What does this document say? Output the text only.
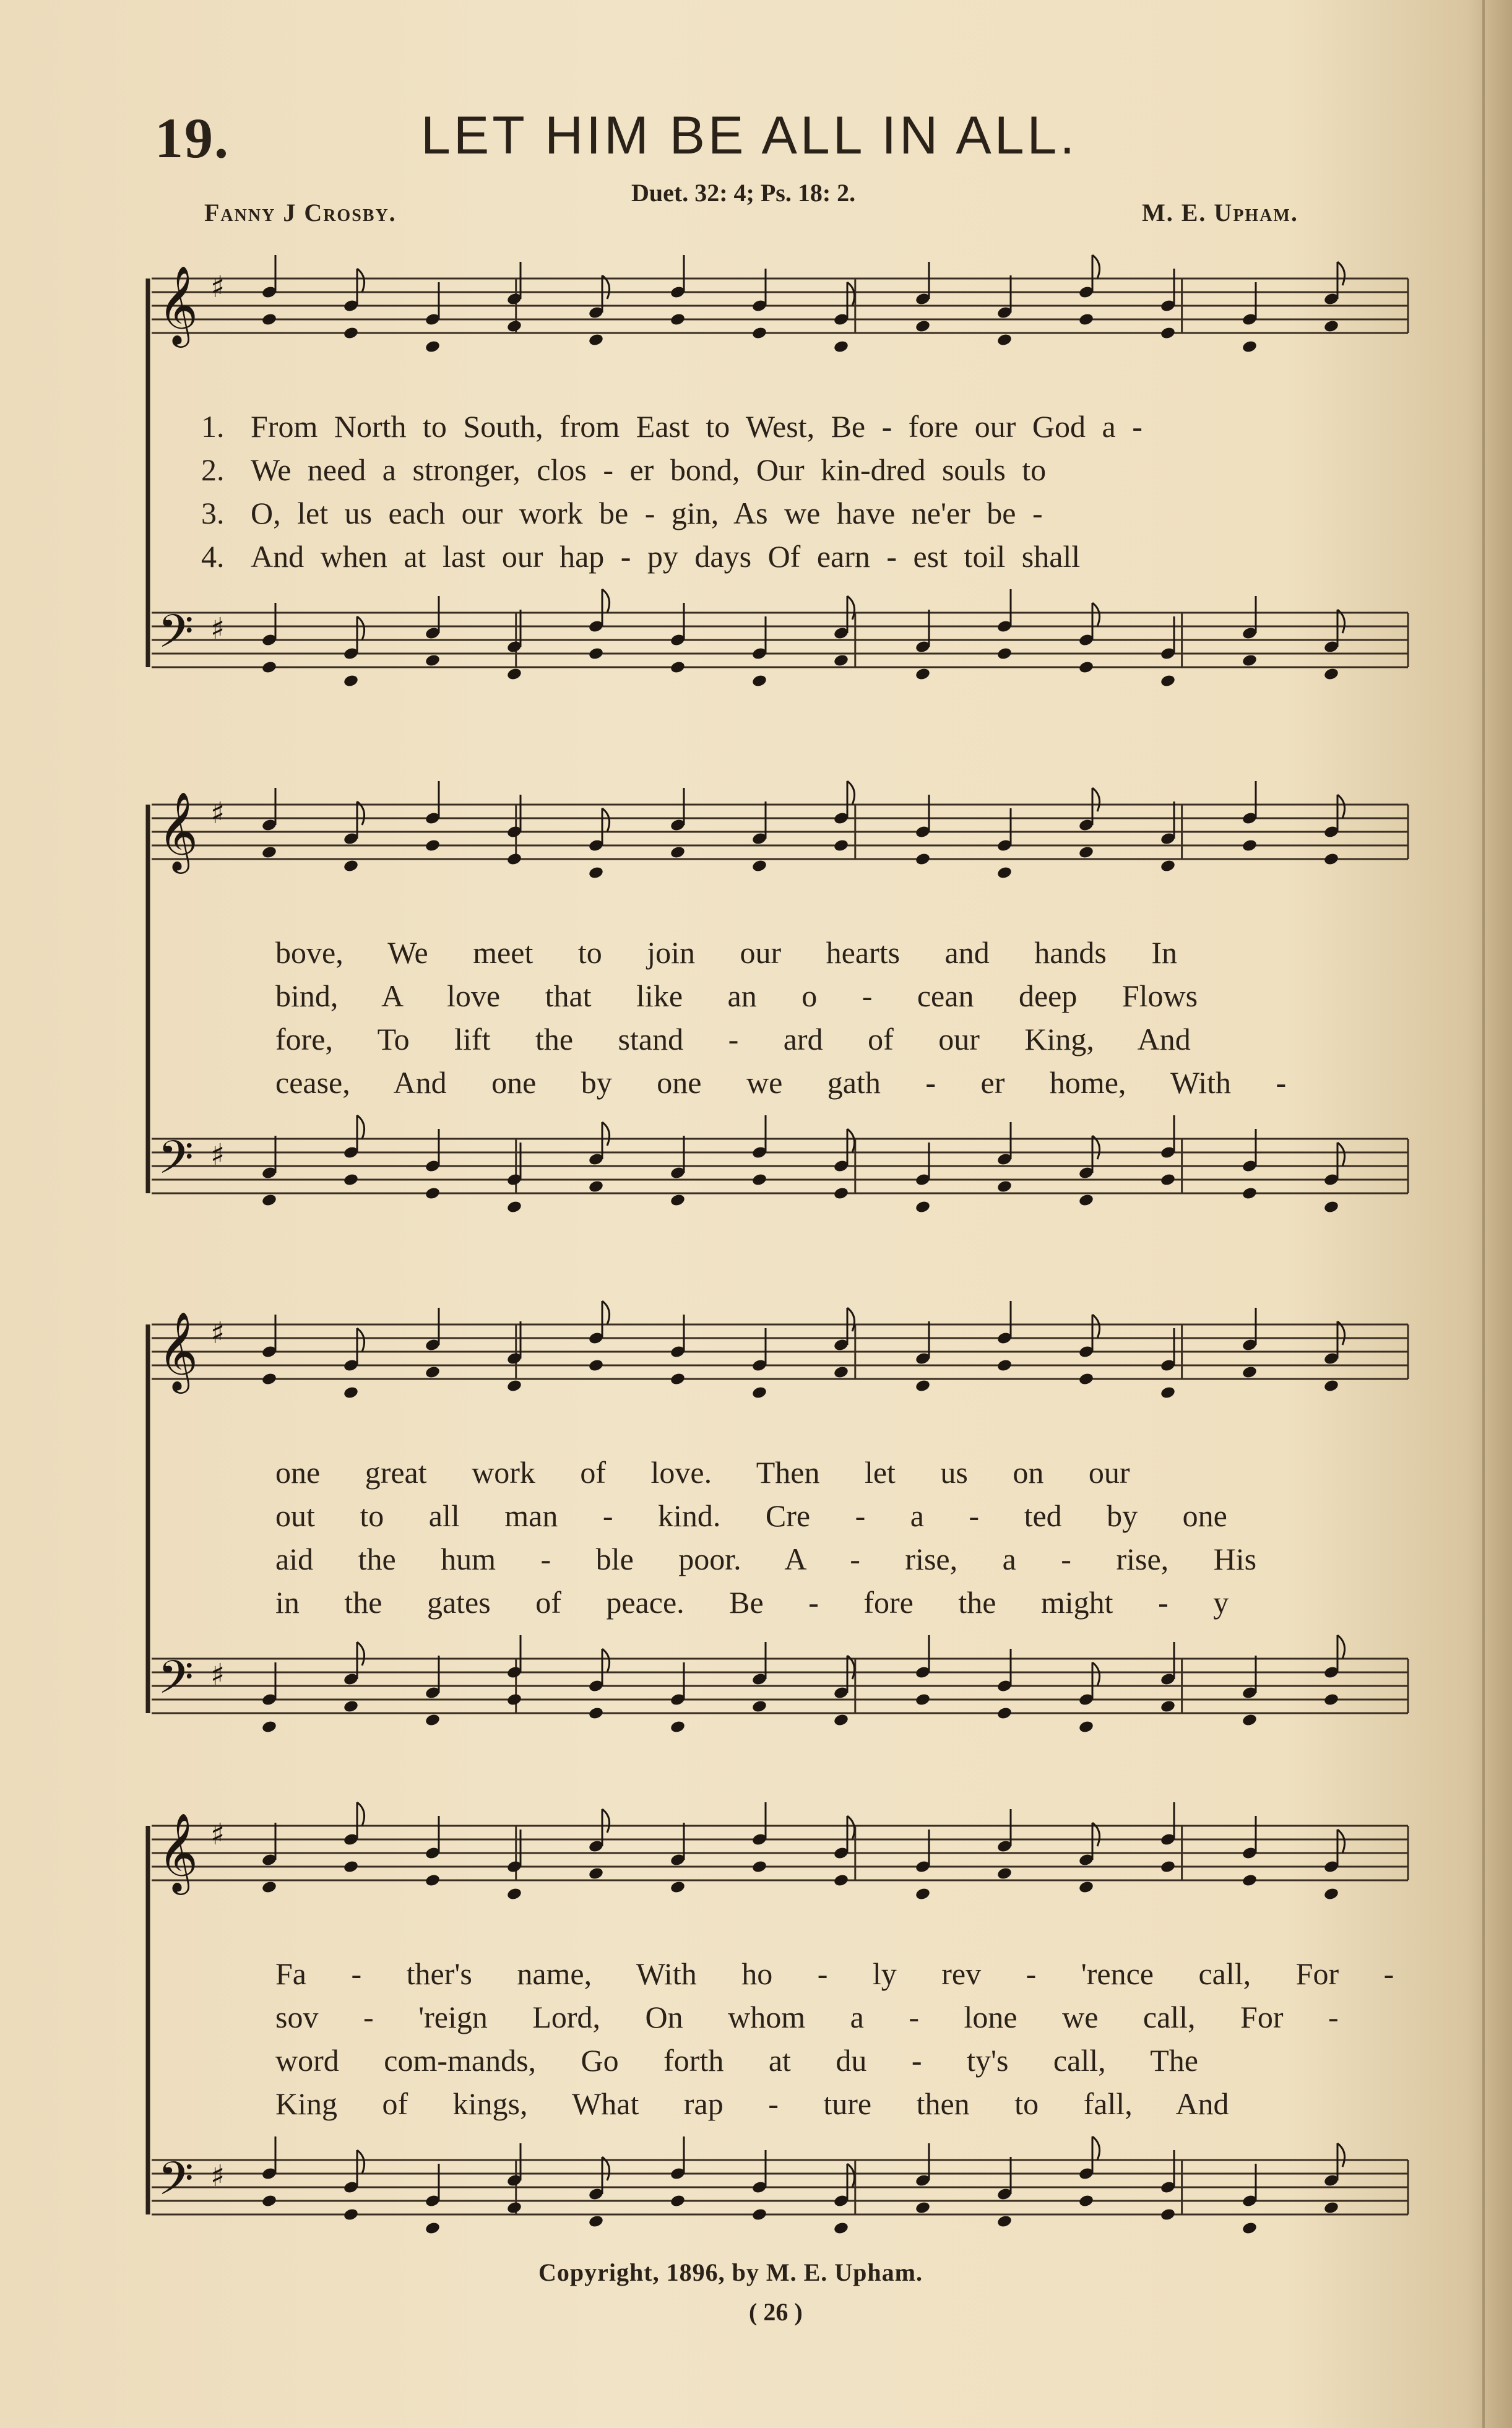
19.	LET HIM BE ALL IN ALL.
Fanny J Crosby.
Duet. 32: 4; Ps. 18: 2.
M. E. Upham.
𝄞
𝄢
♯
♯
1. From North to South, from East to West, Be - fore our God a -
2. We need a stronger, clos - er bond, Our kin-dred souls to
3. O, let us each our work be - gin, As we have ne'er be -
4. And when at last our hap - py days Of earn - est toil shall
𝄞
𝄢
♯
♯
bove, We meet to join our hearts and hands In
bind, A love that like an o - cean deep Flows
fore, To lift the stand - ard of our King, And
cease, And one by one we gath - er home, With -
𝄞
𝄢
♯
♯
one great work of love. Then let us on our
out to all man - kind. Cre - a - ted by one
aid the hum - ble poor. A - rise, a - rise, His
in the gates of peace. Be - fore the might - y
𝄞
𝄢
♯
♯
Fa - ther's name, With ho - ly rev - 'rence call, For -
sov - 'reign Lord, On whom a - lone we call, For -
word com-mands, Go forth at du - ty's call, The
King of kings, What rap - ture then to fall, And
Copyright, 1896, by M. E. Upham.
( 26 )
